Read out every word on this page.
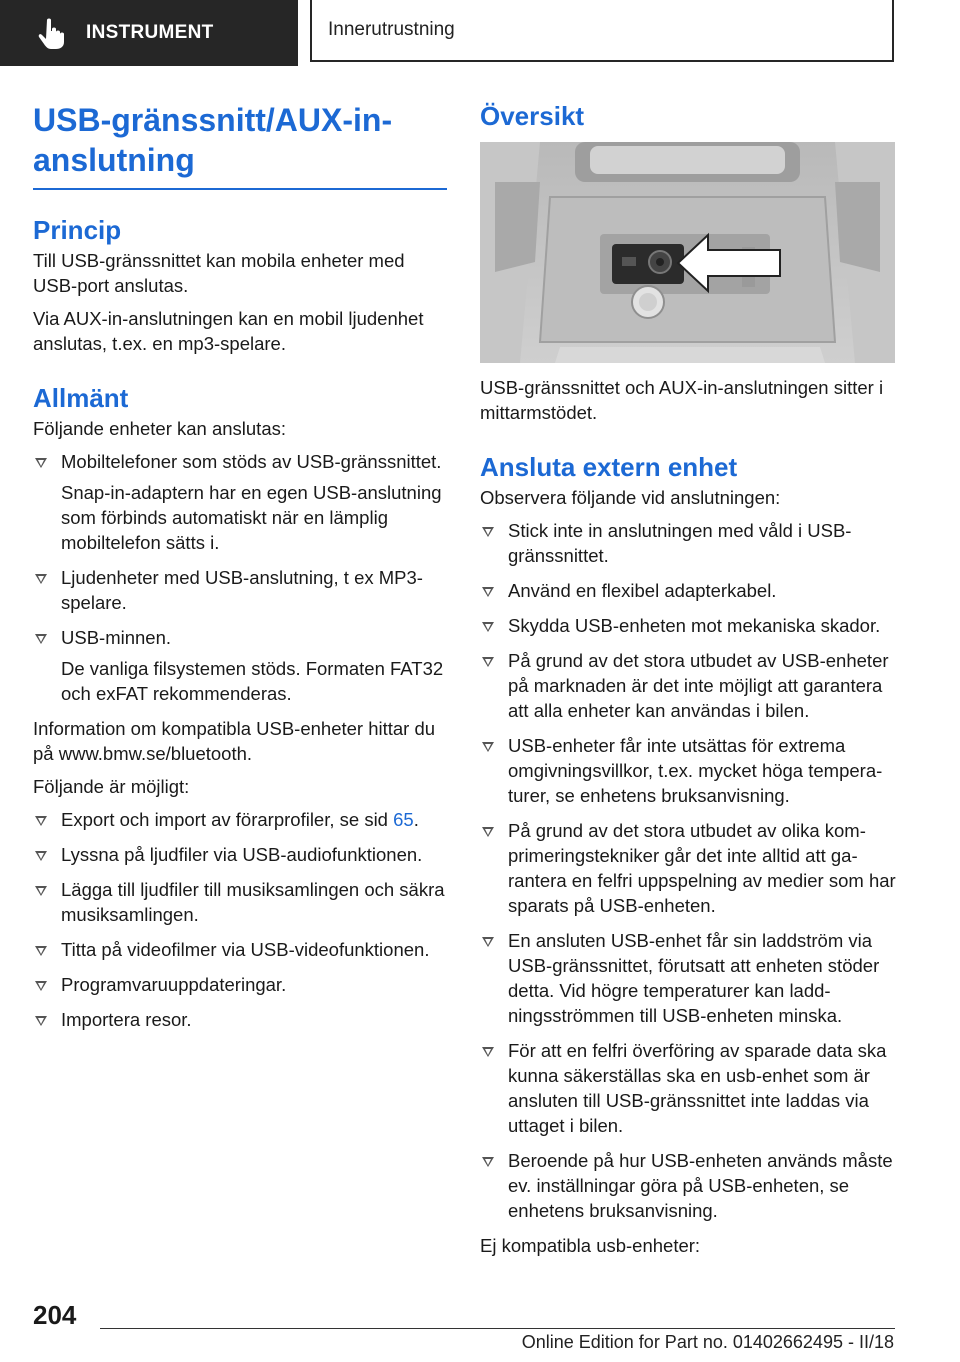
INSTRUMENT	Innerutrustning
USB-gränssnitt/AUX-in-anslutning
Princip

Till USB-gränssnittet kan mobila enheter med USB-port anslutas.

Via AUX-in-anslutningen kan en mobil ljudenhet anslutas, t.ex. en mp3-spelare.

Allmänt

Följande enheter kan anslutas:

Mobiltelefoner som stöds av USB-gränssnittet.
Snap-in-adaptern har en egen USB-anslutning som förbinds automatiskt när en lämplig mobiltelefon sätts i.
Ljudenheter med USB-anslutning, t ex MP3-spelare.
USB-minnen.
De vanliga filsystemen stöds. Formaten FAT32 och exFAT rekommenderas.

Information om kompatibla USB-enheter hittar du på www.bmw.se/bluetooth.

Följande är möjligt:

Export och import av förarprofiler, se sid 65.
Lyssna på ljudfiler via USB-audiofunktionen.
Lägga till ljudfiler till musiksamlingen och säkra musiksamlingen.
Titta på videofilmer via USB-videofunktionen.
Programvaruuppdateringar.
Importera resor.
Översikt

USB-gränssnittet och AUX-in-anslutningen sitter i mittarmstödet.

Ansluta extern enhet

Observera följande vid anslutningen:

Stick inte in anslutningen med våld i USB-gränssnittet.
Använd en flexibel adapterkabel.
Skydda USB-enheten mot mekaniska skador.
På grund av det stora utbudet av USB-enheter på marknaden är det inte möjligt att garantera att alla enheter kan användas i bilen.
USB-enheter får inte utsättas för extrema omgivningsvillkor, t.ex. mycket höga temperaturer, se enhetens bruksanvisning.
På grund av det stora utbudet av olika komprimeringstekniker går det inte alltid att garantera en felfri uppspelning av medier som har sparats på USB-enheten.
En ansluten USB-enhet får sin laddström via USB-gränssnittet, förutsatt att enheten stöder detta. Vid högre temperaturer kan laddningsströmmen till USB-enheten minska.
För att en felfri överföring av sparade data ska kunna säkerställas ska en usb-enhet som är ansluten till USB-gränssnittet inte laddas via uttaget i bilen.
Beroende på hur USB-enheten används måste ev. inställningar göra på USB-enheten, se enhetens bruksanvisning.

Ej kompatibla usb-enheter:

204
Online Edition for Part no. 01402662495 - II/18
